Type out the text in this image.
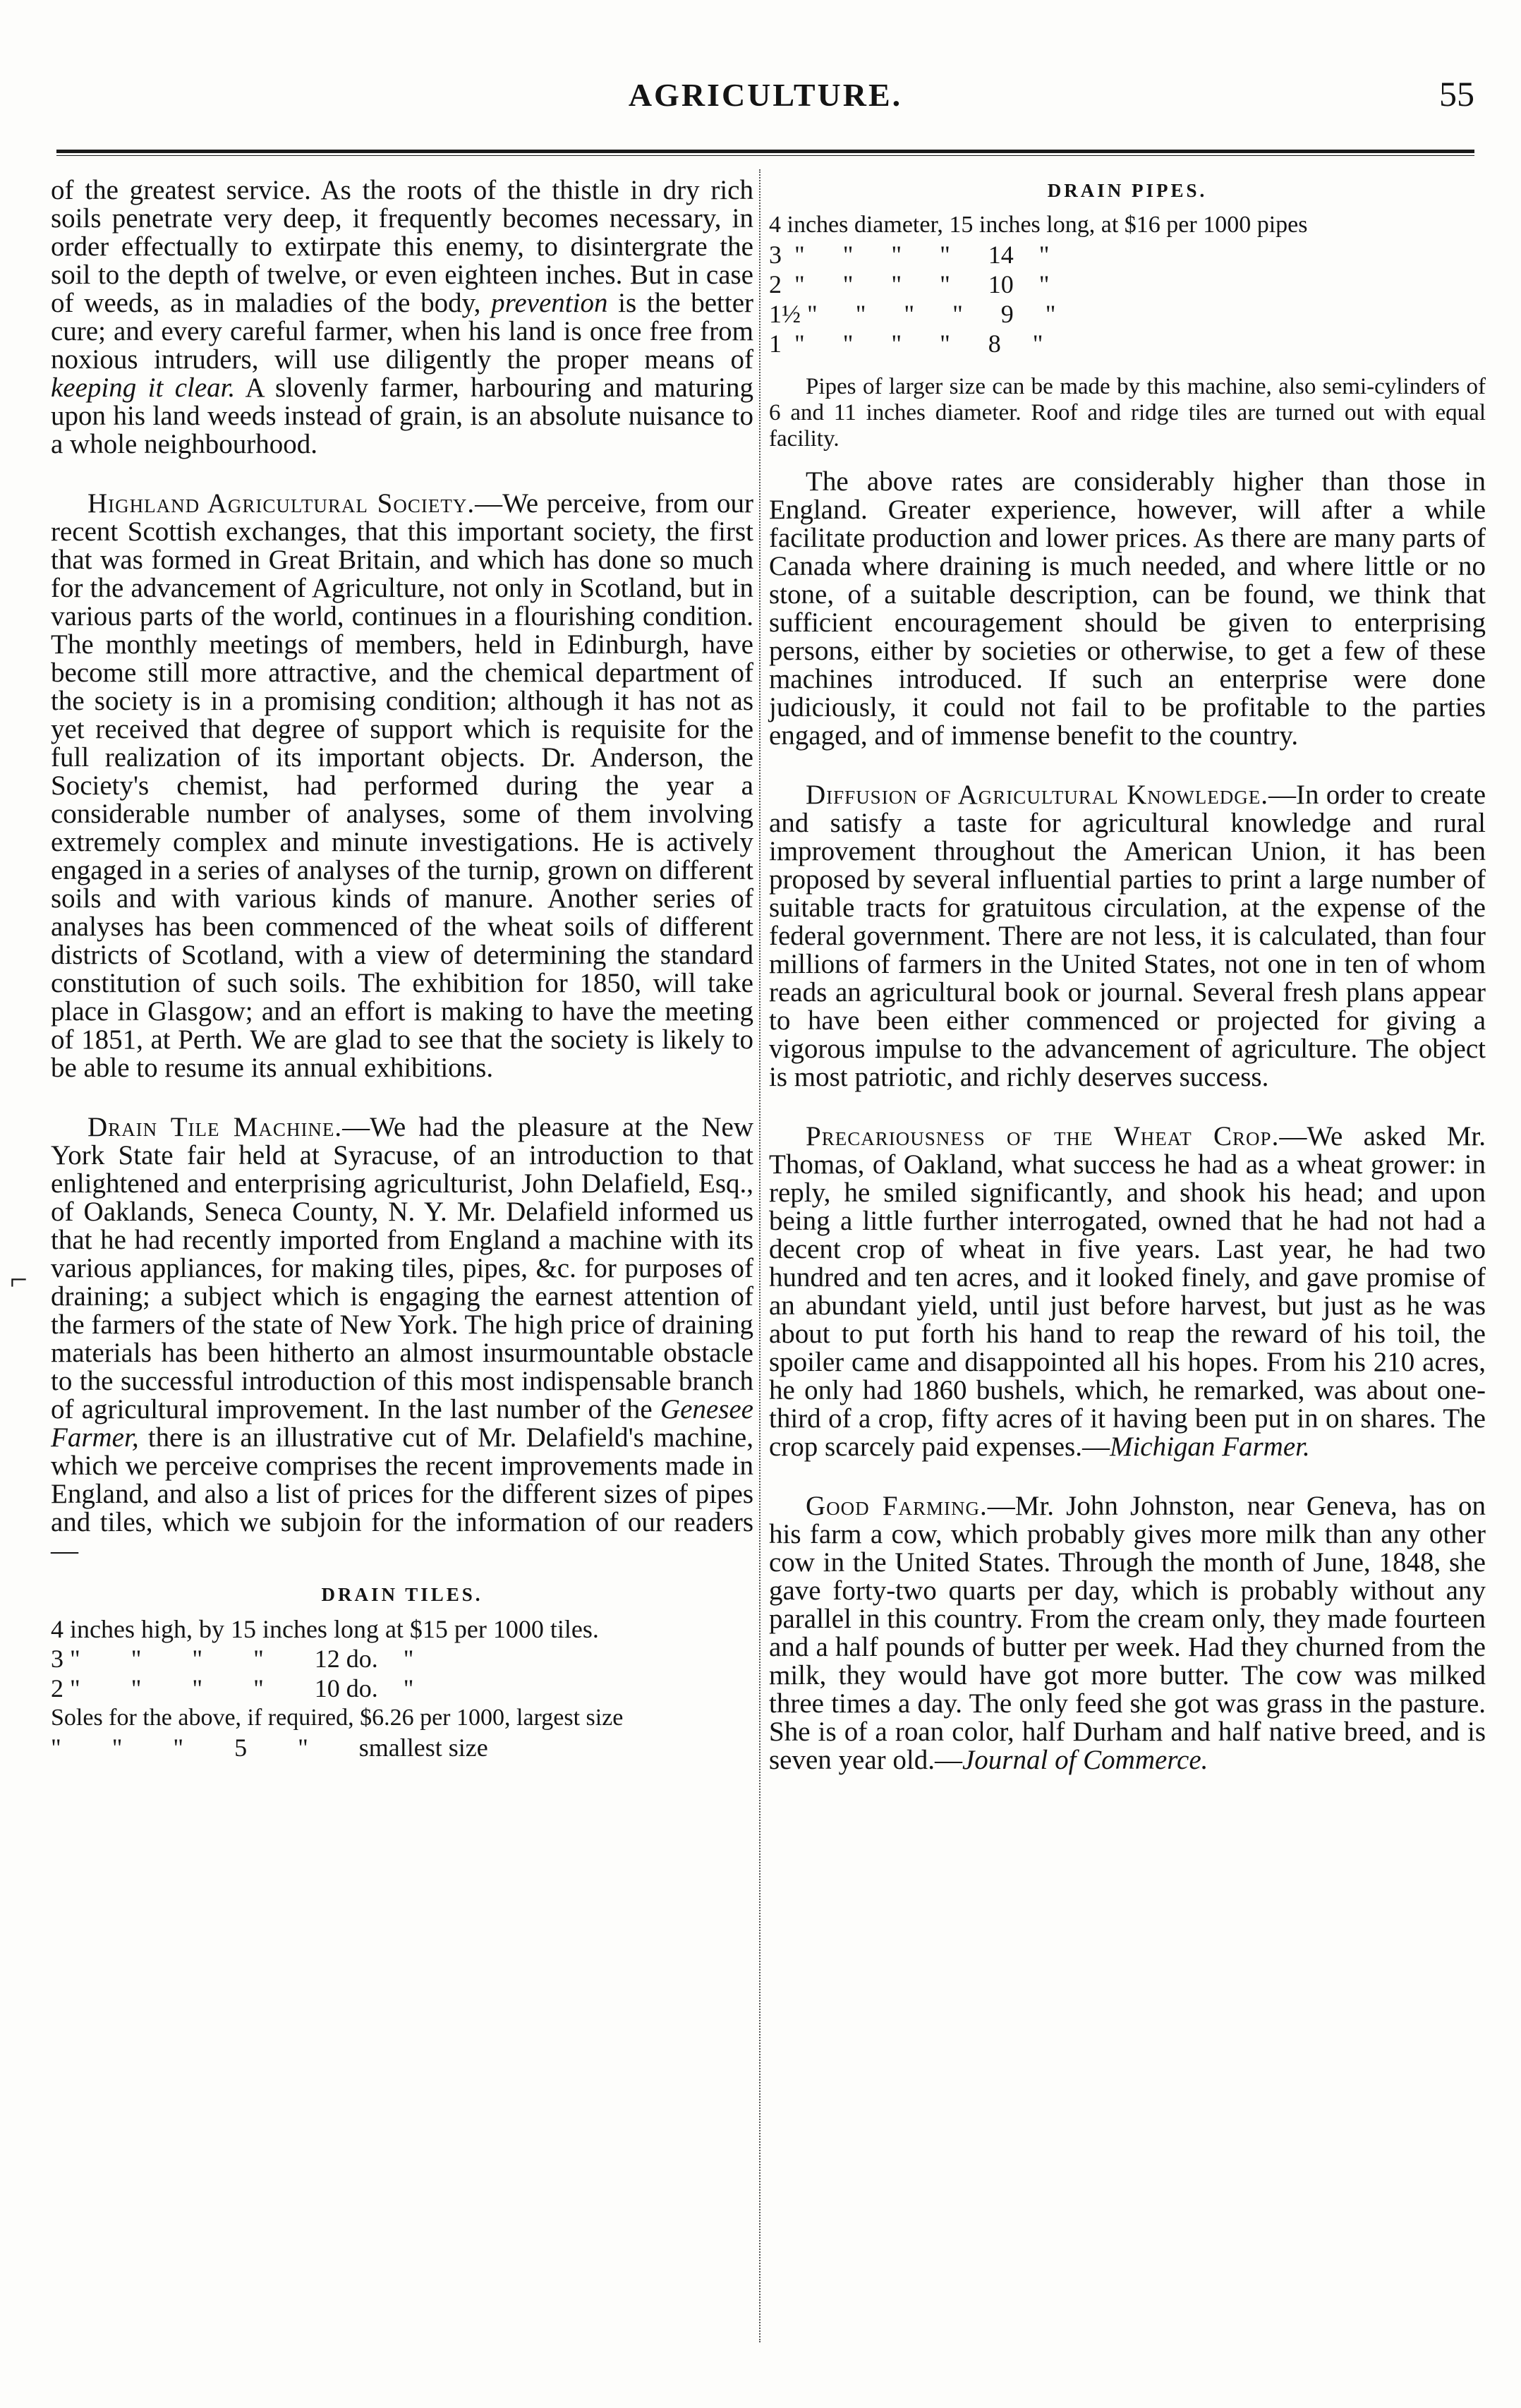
AGRICULTURE.	55
⌐

of the greatest service. As the roots of the thistle in dry rich soils penetrate very deep, it frequently becomes necessary, in order effectually to extirpate this enemy, to disintergrate the soil to the depth of twelve, or even eighteen inches. But in case of weeds, as in maladies of the body, prevention is the better cure; and every careful farmer, when his land is once free from noxious intruders, will use diligently the proper means of keeping it clear. A slovenly farmer, harbouring and maturing upon his land weeds instead of grain, is an absolute nuisance to a whole neighbourhood.

Highland Agricultural Society.—We perceive, from our recent Scottish exchanges, that this important society, the first that was formed in Great Britain, and which has done so much for the advancement of Agriculture, not only in Scotland, but in various parts of the world, continues in a flourishing condition. The monthly meetings of members, held in Edinburgh, have become still more attractive, and the chemical department of the society is in a promising condition; although it has not as yet received that degree of support which is requisite for the full realization of its important objects. Dr. Anderson, the Society's chemist, had performed during the year a considerable number of analyses, some of them involving extremely complex and minute investigations. He is actively engaged in a series of analyses of the turnip, grown on different soils and with various kinds of manure. Another series of analyses has been commenced of the wheat soils of different districts of Scotland, with a view of determining the standard constitution of such soils. The exhibition for 1850, will take place in Glasgow; and an effort is making to have the meeting of 1851, at Perth. We are glad to see that the society is likely to be able to resume its annual exhibitions.

Drain Tile Machine.—We had the pleasure at the New York State fair held at Syracuse, of an introduction to that enlightened and enterprising agriculturist, John Delafield, Esq., of Oaklands, Seneca County, N. Y. Mr. Delafield informed us that he had recently imported from England a machine with its various appliances, for making tiles, pipes, &c. for purposes of draining; a subject which is engaging the earnest attention of the farmers of the state of New York. The high price of draining materials has been hitherto an almost insurmountable obstacle to the successful introduction of this most indispensable branch of agricultural improvement. In the last number of the Genesee Farmer, there is an illustrative cut of Mr. Delafield's machine, which we perceive comprises the recent improvements made in England, and also a list of prices for the different sizes of pipes and tiles, which we subjoin for the information of our readers—

DRAIN TILES.
4 inches high, by 15 inches long at $15 per 1000 tiles.
3 "        "        "        "        12 do.    "
2 "        "        "        "        10 do.    "
Soles for the above, if required, $6.26 per 1000, largest size
"        "        "        5        "        smallest size
DRAIN PIPES.
4 inches diameter, 15 inches long, at $16 per 1000 pipes
3  "      "      "      "      14    "
2  "      "      "      "      10    "
1½ "      "      "      "      9     "
1  "      "      "      "      8     "

Pipes of larger size can be made by this machine, also semi-cylinders of 6 and 11 inches diameter. Roof and ridge tiles are turned out with equal facility.

The above rates are considerably higher than those in England. Greater experience, however, will after a while facilitate production and lower prices. As there are many parts of Canada where draining is much needed, and where little or no stone, of a suitable description, can be found, we think that sufficient encouragement should be given to enterprising persons, either by societies or otherwise, to get a few of these machines introduced. If such an enterprise were done judiciously, it could not fail to be profitable to the parties engaged, and of immense benefit to the country.

Diffusion of Agricultural Knowledge.—In order to create and satisfy a taste for agricultural knowledge and rural improvement throughout the American Union, it has been proposed by several influential parties to print a large number of suitable tracts for gratuitous circulation, at the expense of the federal government. There are not less, it is calculated, than four millions of farmers in the United States, not one in ten of whom reads an agricultural book or journal. Several fresh plans appear to have been either commenced or projected for giving a vigorous impulse to the advancement of agriculture. The object is most patriotic, and richly deserves success.

Precariousness of the Wheat Crop.—We asked Mr. Thomas, of Oakland, what success he had as a wheat grower: in reply, he smiled significantly, and shook his head; and upon being a little further interrogated, owned that he had not had a decent crop of wheat in five years. Last year, he had two hundred and ten acres, and it looked finely, and gave promise of an abundant yield, until just before harvest, but just as he was about to put forth his hand to reap the reward of his toil, the spoiler came and disappointed all his hopes. From his 210 acres, he only had 1860 bushels, which, he remarked, was about one-third of a crop, fifty acres of it having been put in on shares. The crop scarcely paid expenses.—Michigan Farmer.

Good Farming.—Mr. John Johnston, near Geneva, has on his farm a cow, which probably gives more milk than any other cow in the United States. Through the month of June, 1848, she gave forty-two quarts per day, which is probably without any parallel in this country. From the cream only, they made fourteen and a half pounds of butter per week. Had they churned from the milk, they would have got more butter. The cow was milked three times a day. The only feed she got was grass in the pasture. She is of a roan color, half Durham and half native breed, and is seven year old.—Journal of Commerce.
